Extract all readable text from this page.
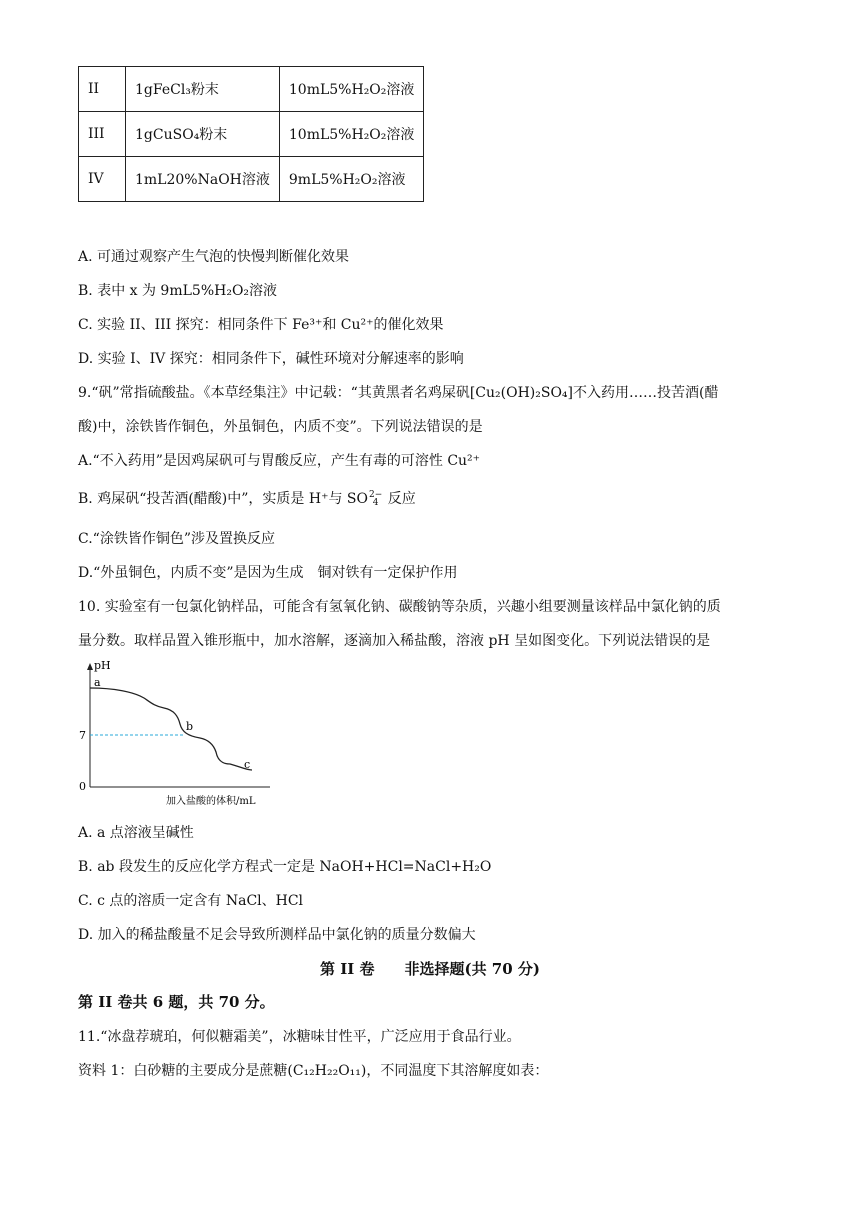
II	1gFeCl₃粉末	10mL5%H₂O₂溶液
III	1gCuSO₄粉末	10mL5%H₂O₂溶液
IV	1mL20%NaOH溶液	9mL5%H₂O₂溶液
A. 可通过观察产生气泡的快慢判断催化效果
B. 表中 x 为 9mL5%H₂O₂溶液
C. 实验 II、III 探究：相同条件下 Fe³⁺和 Cu²⁺的催化效果
D. 实验 I、IV 探究：相同条件下，碱性环境对分解速率的影响
9.“矾”常指硫酸盐。《本草经集注》中记载：“其黄黑者名鸡屎矾[Cu₂(OH)₂SO₄]不入药用……投苦酒(醋
酸)中，涂铁皆作铜色，外虽铜色，内质不变”。下列说法错误的是
A.“不入药用”是因鸡屎矾可与胃酸反应，产生有毒的可溶性 Cu²⁺
B. 鸡屎矾“投苦酒(醋酸)中”，实质是 H⁺与 SO 2−
4 反应
C.“涂铁皆作铜色”涉及置换反应
D.“外虽铜色，内质不变”是因为生成　铜对铁有一定保护作用
10. 实验室有一包氯化钠样品，可能含有氢氧化钠、碳酸钠等杂质，兴趣小组要测量该样品中氯化钠的质
量分数。取样品置入锥形瓶中，加水溶解，逐滴加入稀盐酸，溶液 pH 呈如图变化。下列说法错误的是
pH
7
0
a
b
c
加入盐酸的体积/mL
A. a 点溶液呈碱性
B. ab 段发生的反应化学方程式一定是 NaOH+HCl=NaCl+H₂O
C. c 点的溶质一定含有 NaCl、HCl
D. 加入的稀盐酸量不足会导致所测样品中氯化钠的质量分数偏大
第 II 卷　　非选择题(共 70 分)
第 II 卷共 6 题，共 70 分。
11.“冰盘荐琥珀，何似糖霜美”，冰糖味甘性平，广泛应用于食品行业。
资料 1：白砂糖的主要成分是蔗糖(C₁₂H₂₂O₁₁)，不同温度下其溶解度如表：
